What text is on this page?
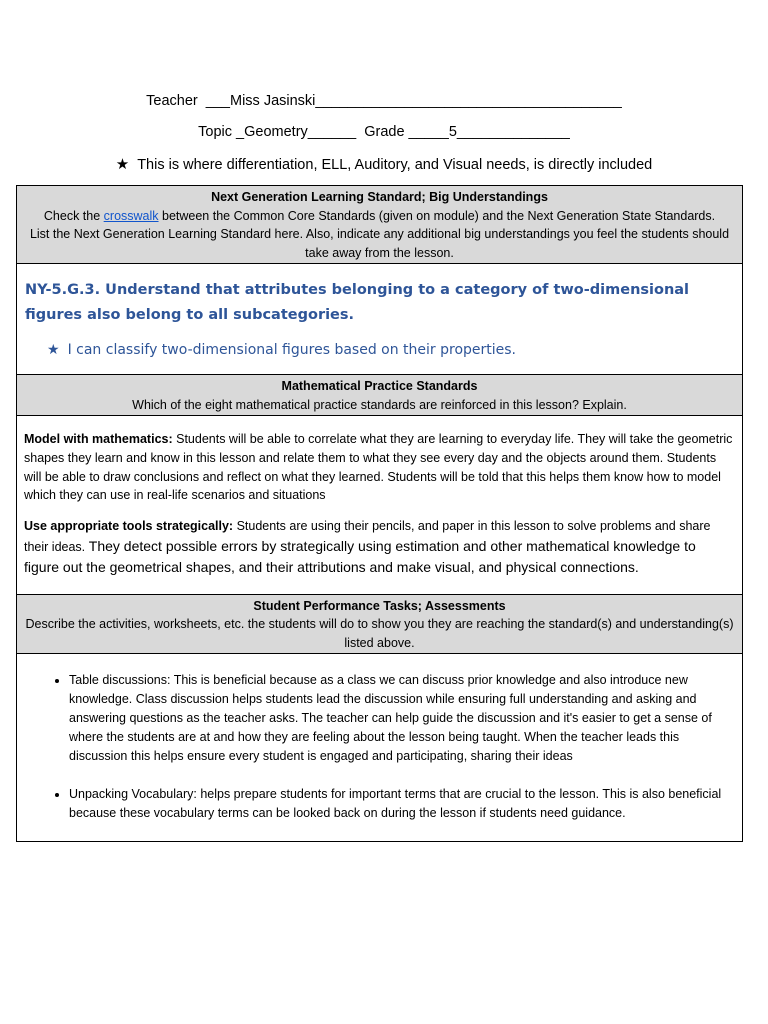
Teacher  ___Miss Jasinski______________________________________
Topic _Geometry______  Grade _____5______________
★ This is where differentiation, ELL, Auditory, and Visual needs, is directly included
Next Generation Learning Standard; Big Understandings
Check the crosswalk between the Common Core Standards (given on module) and the Next Generation State Standards.
List the Next Generation Learning Standard here. Also, indicate any additional big understandings you feel the students should take away from the lesson.

NY-5.G.3. Understand that attributes belonging to a category of two-dimensional figures also belong to all subcategories.
★ I can classify two-dimensional figures based on their properties.

Mathematical Practice Standards
Which of the eight mathematical practice standards are reinforced in this lesson? Explain.

Model with mathematics: Students will be able to correlate what they are learning to everyday life. They will take the geometric shapes they learn and know in this lesson and relate them to what they see every day and the objects around them. Students will be able to draw conclusions and reflect on what they learned. Students will be told that this helps them know how to model which they can use in real-life scenarios and situations

Use appropriate tools strategically: Students are using their pencils, and paper in this lesson to solve problems and share their ideas. They detect possible errors by strategically using estimation and other mathematical knowledge to figure out the geometrical shapes, and their attributions and make visual, and physical connections.

Student Performance Tasks; Assessments
Describe the activities, worksheets, etc. the students will do to show you they are reaching the standard(s) and understanding(s) listed above.

• Table discussions: This is beneficial because as a class we can discuss prior knowledge and also introduce new knowledge. Class discussion helps students lead the discussion while ensuring full understanding and asking and answering questions as the teacher asks. The teacher can help guide the discussion and it's easier to get a sense of where the students are at and how they are feeling about the lesson being taught. When the teacher leads this discussion this helps ensure every student is engaged and participating, sharing their ideas
• Unpacking Vocabulary: helps prepare students for important terms that are crucial to the lesson. This is also beneficial because these vocabulary terms can be looked back on during the lesson if students need guidance.
